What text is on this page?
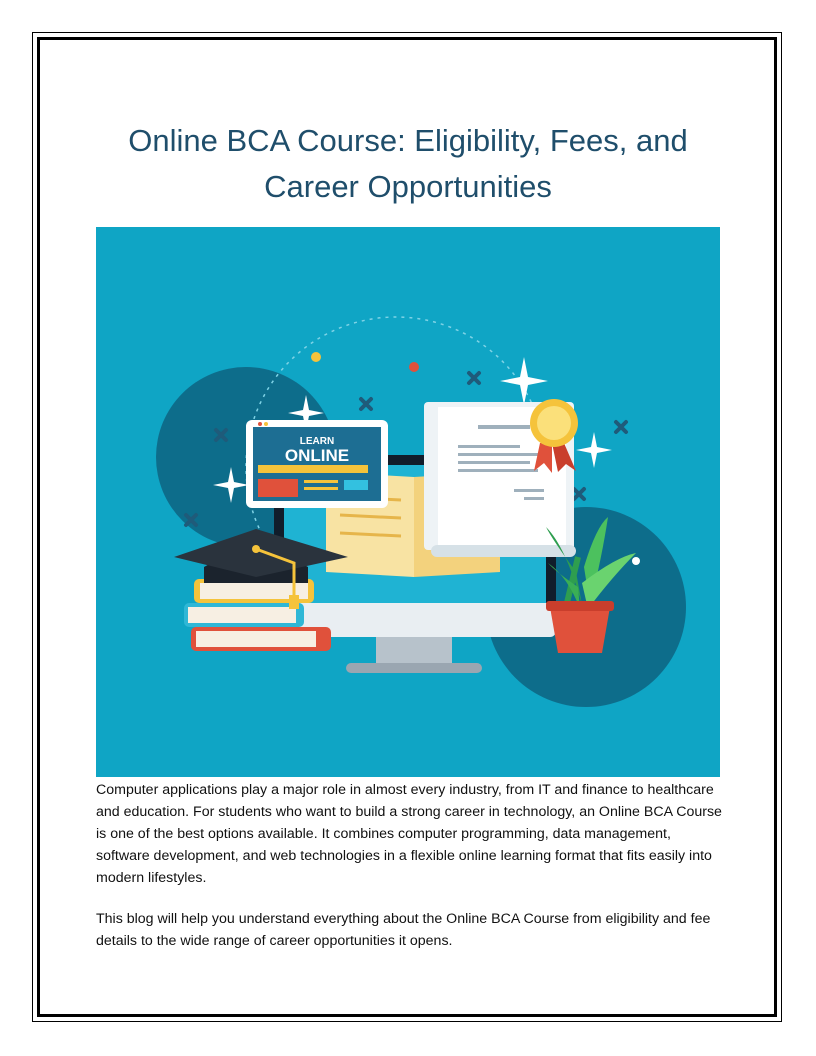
Online BCA Course: Eligibility, Fees, and Career Opportunities
LEARN
ONLINE

Computer applications play a major role in almost every industry, from IT and finance to healthcare and education. For students who want to build a strong career in technology, an Online BCA Course is one of the best options available. It combines computer programming, data management, software development, and web technologies in a flexible online learning format that fits easily into modern lifestyles.

This blog will help you understand everything about the Online BCA Course from eligibility and fee details to the wide range of career opportunities it opens.
